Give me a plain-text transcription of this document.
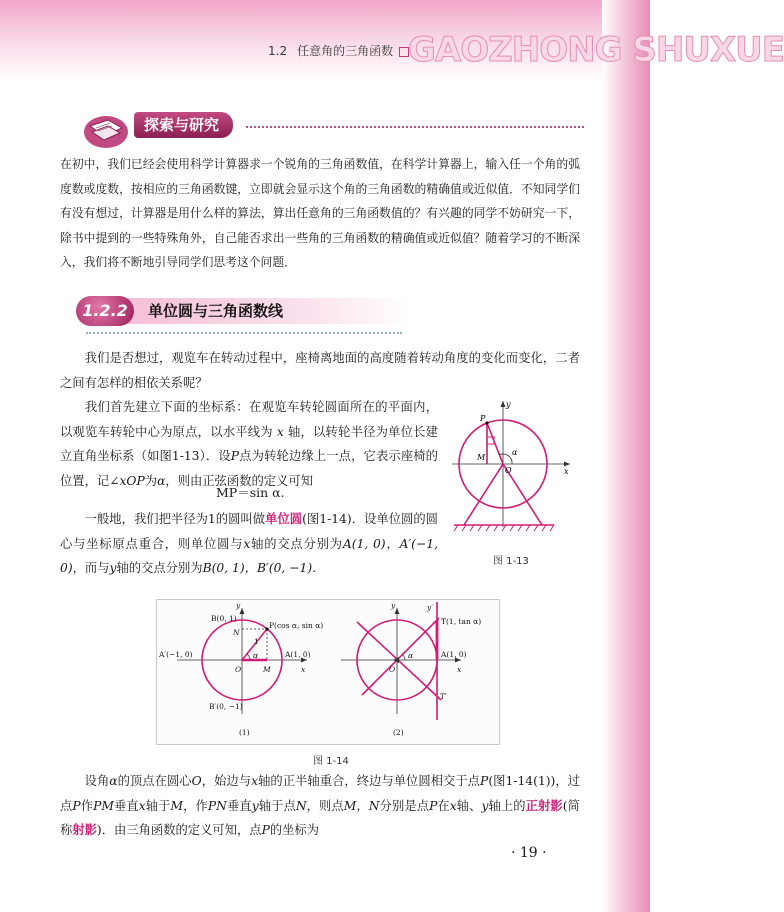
1.2 任意角的三角函数 GAOZHONG SHUXUE
探索与研究
在初中，我们已经会使用科学计算器求一个锐角的三角函数值，在科学计算器上，输入任一个角的弧度数或度数，按相应的三角函数键，立即就会显示这个角的三角函数的精确值或近似值．不知同学们有没有想过，计算器是用什么样的算法，算出任意角的三角函数值的？有兴趣的同学不妨研究一下，除书中提到的一些特殊角外，自己能否求出一些角的三角函数的精确值或近似值？随着学习的不断深入，我们将不断地引导同学们思考这个问题．
1.2.2	单位圆与三角函数线
我们是否想过，观览车在转动过程中，座椅离地面的高度随着转动角度的变化而变化，二者之间有怎样的相依关系呢？
我们首先建立下面的坐标系：在观览车转轮圆面所在的平面内，以观览车转轮中心为原点，以水平线为 x 轴，以转轮半径为单位长建立直角坐标系（如图1-13）．设P点为转轮边缘上一点，它表示座椅的位置，记∠xOP为α，则由正弦函数的定义可知
MP＝sin α.
一般地，我们把半径为1的圆叫做单位圆(图1-14)．设单位圆的圆心与坐标原点重合，则单位圆与x轴的交点分别为A(1, 0)，A′(−1, 0)，而与y轴的交点分别为B(0, 1)，B′(0, −1)．
y
x
P
M
O
α
图 1-13
y
x
B(0, 1)
P(cos α, sin α)
N
1
α
A′(−1, 0)	A(1, 0)
O	M
B′(0, −1)
(1)
y
x
y′
T(1, tan α)
α	A(1, 0)
O
T′
(2)
图 1-14
设角α的顶点在圆心O，始边与x轴的正半轴重合，终边与单位圆相交于点P(图1-14(1))，过点P作PM垂直x轴于M，作PN垂直y轴于点N，则点M，N分别是点P在x轴、y轴上的正射影(简称射影)．由三角函数的定义可知，点P的坐标为
· 19 ·
